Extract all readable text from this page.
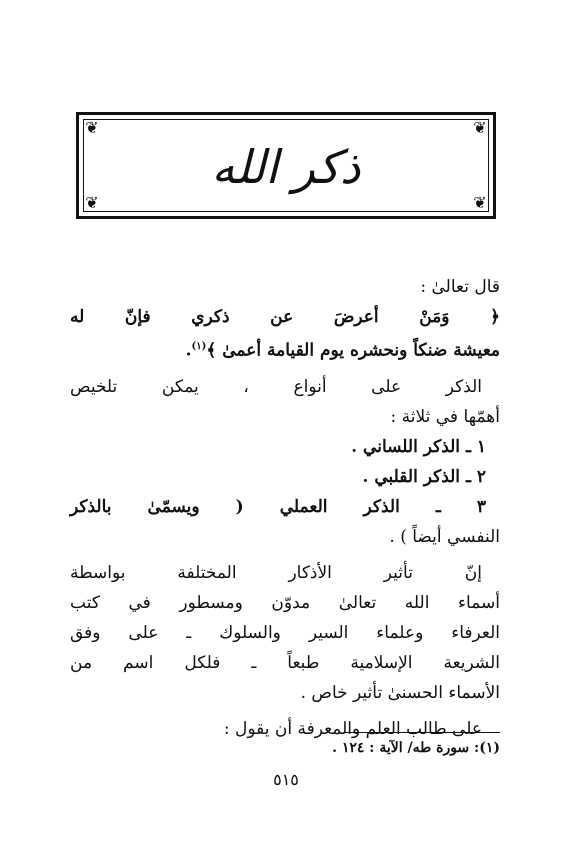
❦	❦
❦	❦
ذكر الله
قال تعالىٰ :
﴿ وَمَنْ أعرضَ عن ذكري فإنّ له
معيشة ضنكاً ونحشره يوم القيامة أعمىٰ ﴾$^{(١)}$.
الذكر على أنواع ، يمكن تلخيص
أهمّها في ثلاثة :
١ ـ الذكر اللساني .
٢ ـ الذكر القلبي .
٣ ـ الذكر العملي ( ويسمّىٰ بالذكر
النفسي أيضاً ) .
إنّ تأثير الأذكار المختلفة بواسطة
أسماء الله تعالىٰ مدوّن ومسطور في كتب
العرفاء وعلماء السير والسلوك ـ على وفق
الشريعة الإسلامية طبعاً ـ فلكل اسم من
الأسماء الحسنىٰ تأثير خاص .
على طالب العلم والمعرفة أن يقول :
(١): سورة طه/ الآية : ١٢٤ .
٥١٥
